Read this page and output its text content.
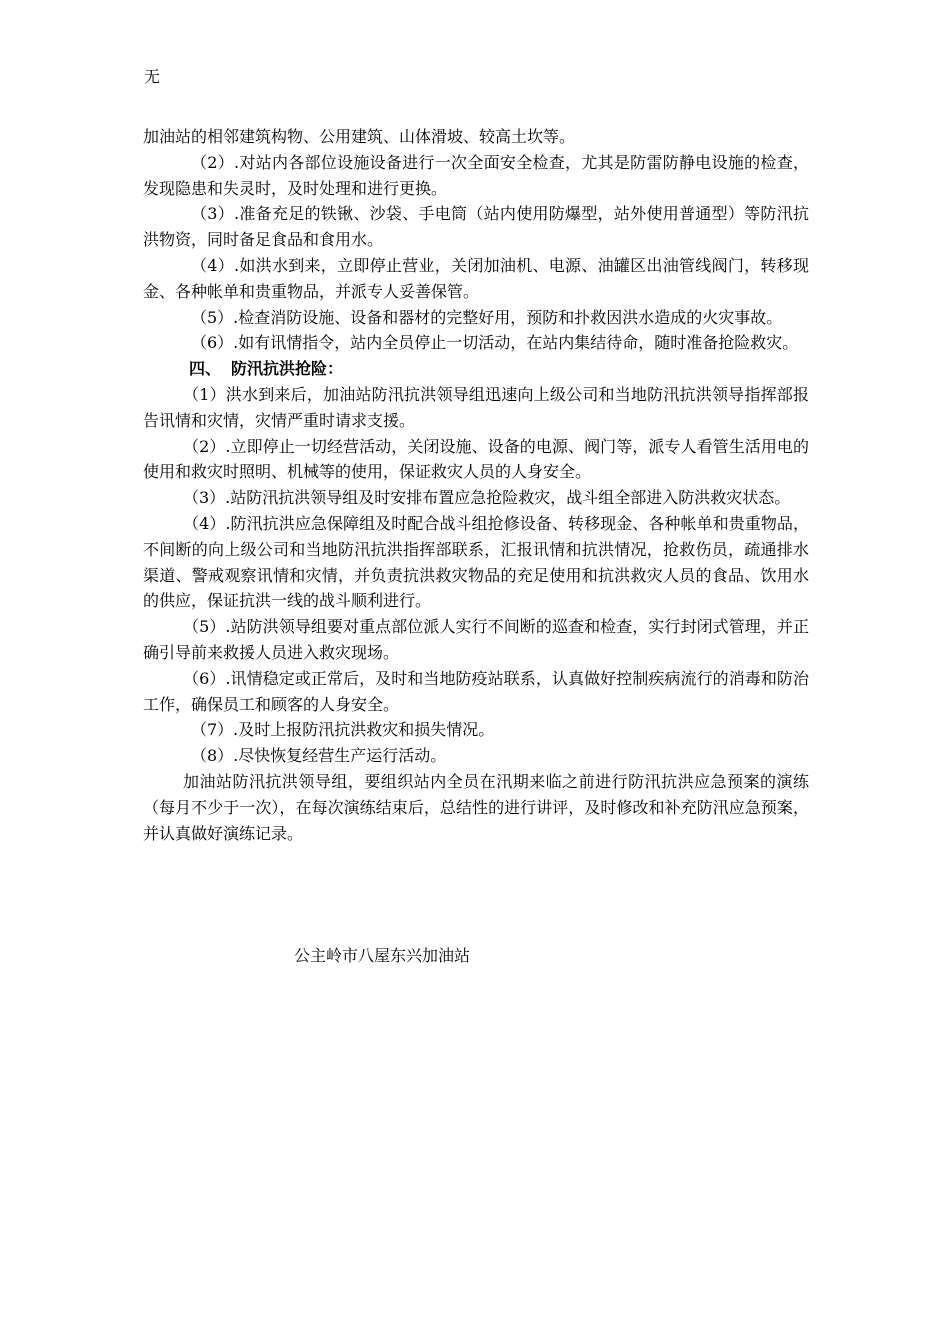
无

加油站的相邻建筑构物、公用建筑、山体滑坡、较高土坎等。

（2）.对站内各部位设施设备进行一次全面安全检查，尤其是防雷防静电设施的检查，发现隐患和失灵时，及时处理和进行更换。

（3）.准备充足的铁锹、沙袋、手电筒（站内使用防爆型，站外使用普通型）等防汛抗洪物资，同时备足食品和食用水。

（4）.如洪水到来，立即停止营业，关闭加油机、电源、油罐区出油管线阀门，转移现金、各种帐单和贵重物品，并派专人妥善保管。

（5）.检查消防设施、设备和器材的完整好用，预防和扑救因洪水造成的火灾事故。

（6）.如有讯情指令，站内全员停止一切活动，在站内集结待命，随时准备抢险救灾。

四、 防汛抗洪抢险：

（1）洪水到来后，加油站防汛抗洪领导组迅速向上级公司和当地防汛抗洪领导指挥部报告讯情和灾情，灾情严重时请求支援。

（2）.立即停止一切经营活动，关闭设施、设备的电源、阀门等，派专人看管生活用电的使用和救灾时照明、机械等的使用，保证救灾人员的人身安全。

（3）.站防汛抗洪领导组及时安排布置应急抢险救灾，战斗组全部进入防洪救灾状态。

（4）.防汛抗洪应急保障组及时配合战斗组抢修设备、转移现金、各种帐单和贵重物品，不间断的向上级公司和当地防汛抗洪指挥部联系，汇报讯情和抗洪情况，抢救伤员，疏通排水渠道、警戒观察讯情和灾情，并负责抗洪救灾物品的充足使用和抗洪救灾人员的食品、饮用水的供应，保证抗洪一线的战斗顺利进行。

（5）.站防洪领导组要对重点部位派人实行不间断的巡查和检查，实行封闭式管理，并正确引导前来救援人员进入救灾现场。

（6）.讯情稳定或正常后，及时和当地防疫站联系，认真做好控制疾病流行的消毒和防治工作，确保员工和顾客的人身安全。

（7）.及时上报防汛抗洪救灾和损失情况。

（8）.尽快恢复经营生产运行活动。

加油站防汛抗洪领导组，要组织站内全员在汛期来临之前进行防汛抗洪应急预案的演练（每月不少于一次），在每次演练结束后，总结性的进行讲评，及时修改和补充防汛应急预案，并认真做好演练记录。

公主岭市八屋东兴加油站
